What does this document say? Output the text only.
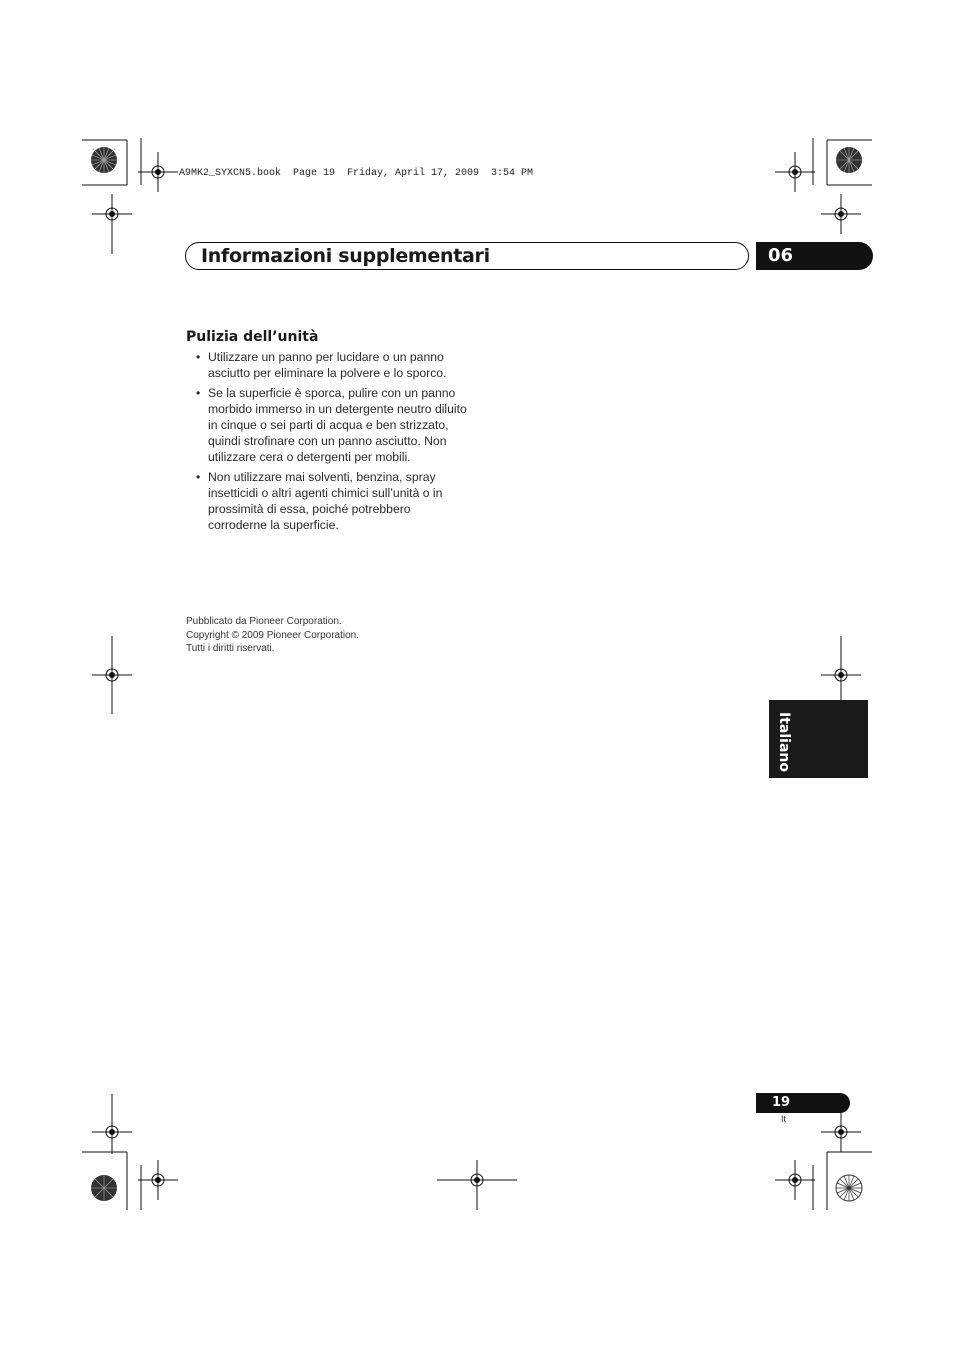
A9MK2_SYXCN5.book  Page 19  Friday, April 17, 2009  3:54 PM
Informazioni supplementari	06
Pulizia dell’unità
• Utilizzare un panno per lucidare o un panno asciutto per eliminare la polvere e lo sporco.
• Se la superficie è sporca, pulire con un panno morbido immerso in un detergente neutro diluito in cinque o sei parti di acqua e ben strizzato, quindi strofinare con un panno asciutto. Non utilizzare cera o detergenti per mobili.
• Non utilizzare mai solventi, benzina, spray insetticidi o altri agenti chimici sull’unità o in prossimità di essa, poiché potrebbero corroderne la superficie.
Pubblicato da Pioneer Corporation.
Copyright © 2009 Pioneer Corporation.
Tutti i diritti riservati.
Italiano
19
It
